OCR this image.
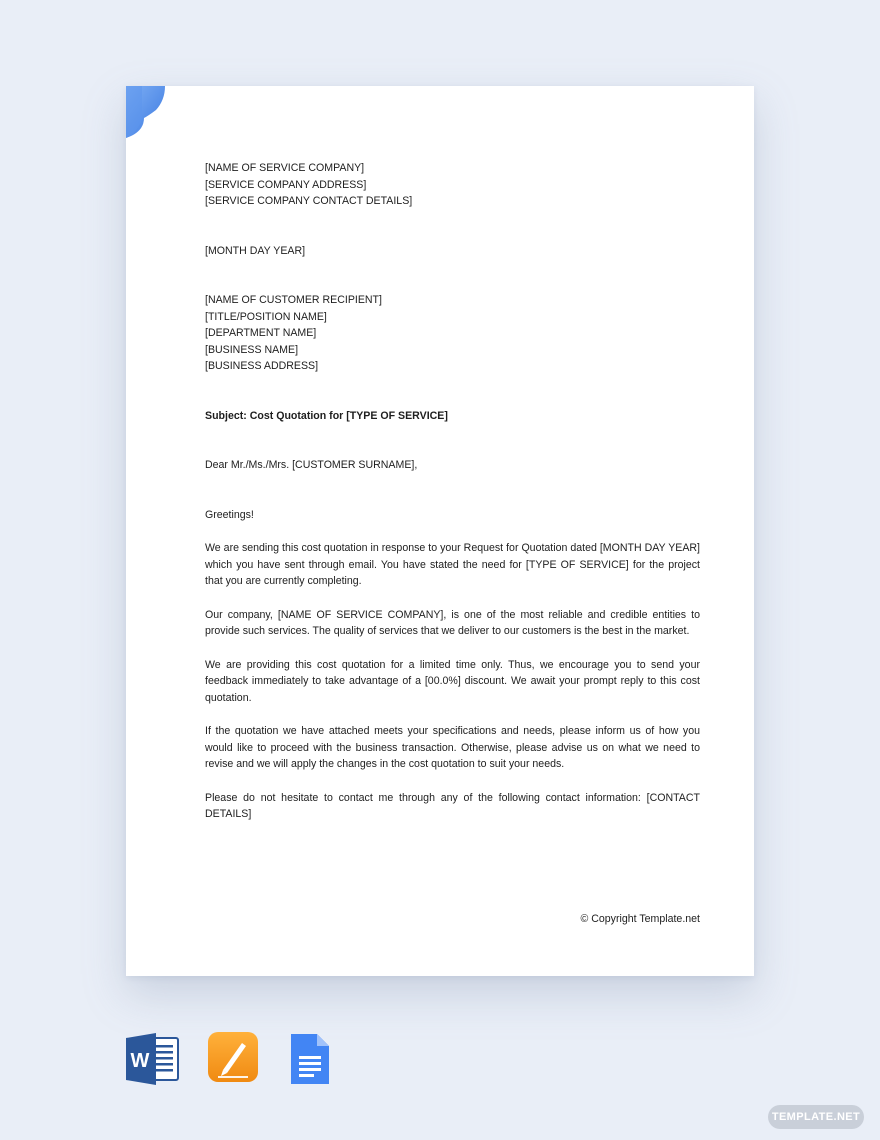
[NAME OF SERVICE COMPANY]

[SERVICE COMPANY ADDRESS]

[SERVICE COMPANY CONTACT DETAILS]

[MONTH DAY YEAR]

[NAME OF CUSTOMER RECIPIENT]

[TITLE/POSITION NAME]

[DEPARTMENT NAME]

[BUSINESS NAME]

[BUSINESS ADDRESS]

Subject: Cost Quotation for [TYPE OF SERVICE]

Dear Mr./Ms./Mrs. [CUSTOMER SURNAME],

Greetings!

We are sending this cost quotation in response to your Request for Quotation dated [MONTH DAY YEAR] which you have sent through email. You have stated the need for [TYPE OF SERVICE] for the project that you are currently completing.

Our company, [NAME OF SERVICE COMPANY], is one of the most reliable and credible entities to provide such services. The quality of services that we deliver to our customers is the best in the market.

We are providing this cost quotation for a limited time only. Thus, we encourage you to send your feedback immediately to take advantage of a [00.0%] discount. We await your prompt reply to this cost quotation.

If the quotation we have attached meets your specifications and needs, please inform us of how you would like to proceed with the business transaction. Otherwise, please advise us on what we need to revise and we will apply the changes in the cost quotation to suit your needs.

Please do not hesitate to contact me through any of the following contact information: [CONTACT DETAILS]

© Copyright Template.net
W
TEMPLATE.NET
